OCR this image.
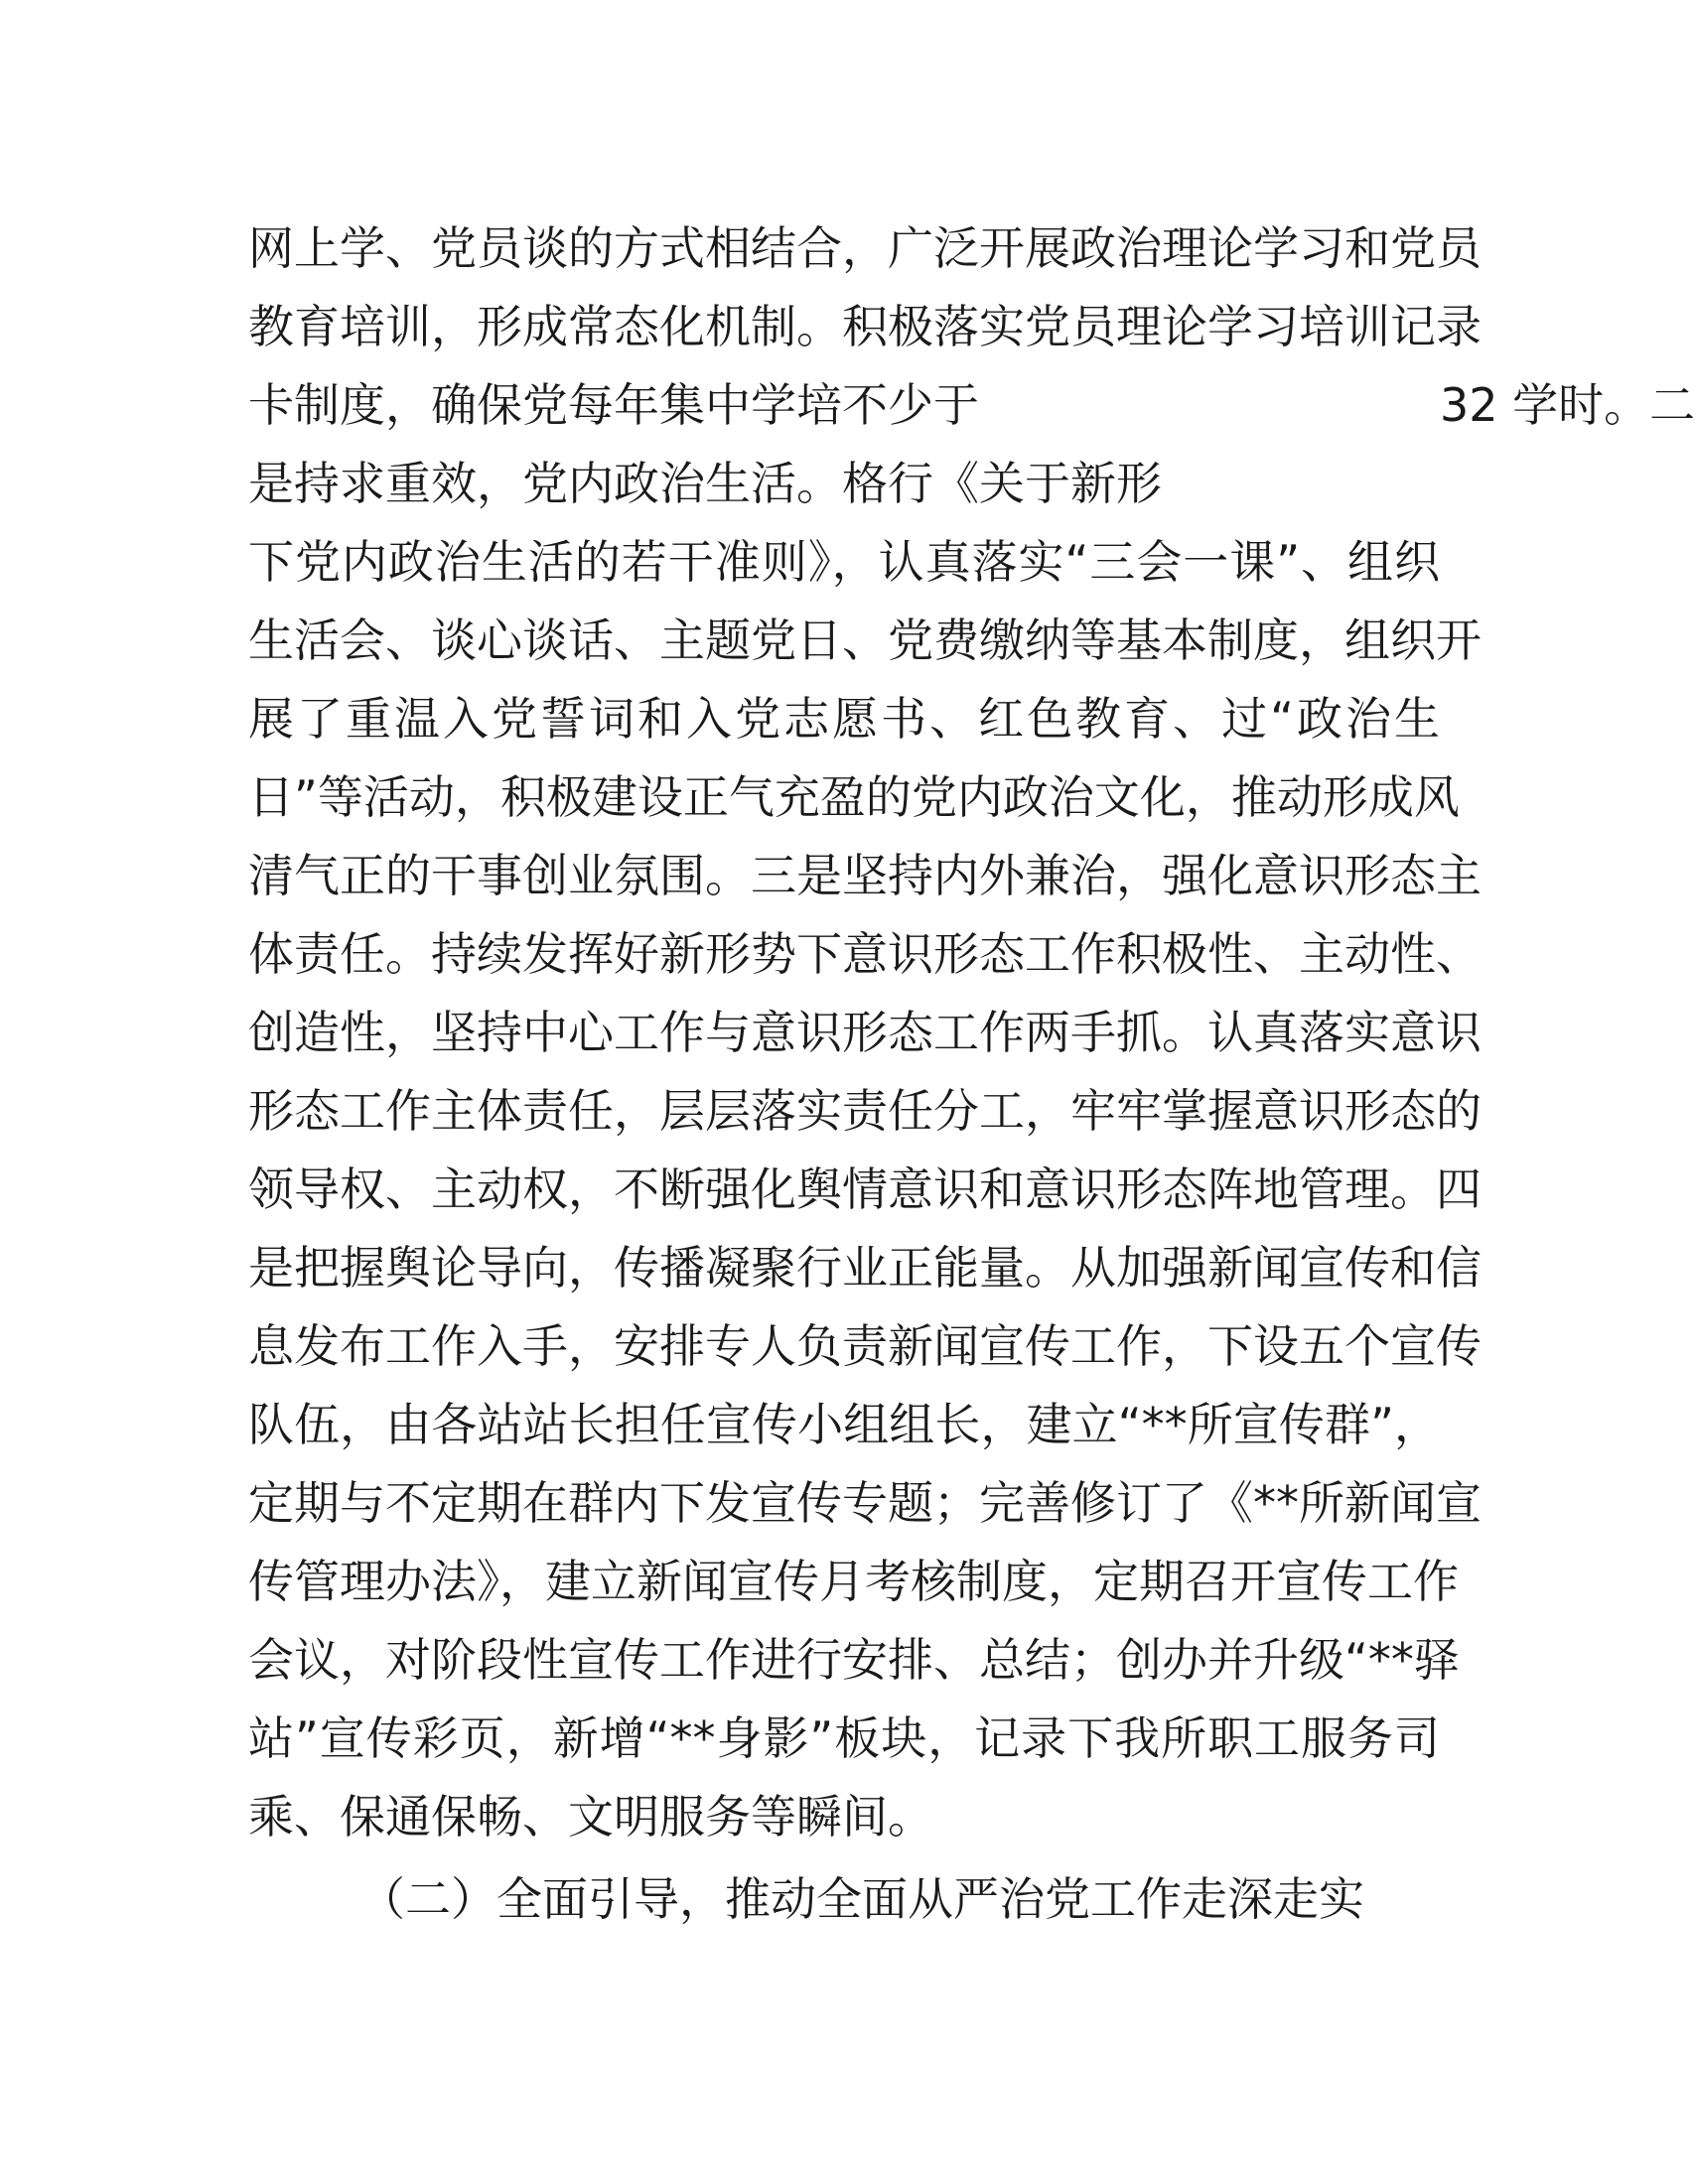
网上学、党员谈的方式相结合，广泛开展政治理论学习和党员
教育培训，形成常态化机制。积极落实党员理论学习培训记录
卡制度，确保党每年集中学培不少于	32 学时。二
是持求重效，党内政治生活。格行《关于新形
下党内政治生活的若干准则》，认真落实“三会一课”、组织
生活会、谈心谈话、主题党日、党费缴纳等基本制度，组织开
展了重温入党誓词和入党志愿书、红色教育、过“政治生
日”等活动，积极建设正气充盈的党内政治文化，推动形成风
清气正的干事创业氛围。三是坚持内外兼治，强化意识形态主
体责任。持续发挥好新形势下意识形态工作积极性、主动性、
创造性，坚持中心工作与意识形态工作两手抓。认真落实意识
形态工作主体责任，层层落实责任分工，牢牢掌握意识形态的
领导权、主动权，不断强化舆情意识和意识形态阵地管理。四
是把握舆论导向，传播凝聚行业正能量。从加强新闻宣传和信
息发布工作入手，安排专人负责新闻宣传工作，下设五个宣传
队伍，由各站站长担任宣传小组组长，建立“**所宣传群”，
定期与不定期在群内下发宣传专题；完善修订了《**所新闻宣
传管理办法》，建立新闻宣传月考核制度，定期召开宣传工作
会议，对阶段性宣传工作进行安排、总结；创办并升级“**驿
站”宣传彩页，新增“**身影”板块，记录下我所职工服务司
乘、保通保畅、文明服务等瞬间。
（二）全面引导，推动全面从严治党工作走深走实
